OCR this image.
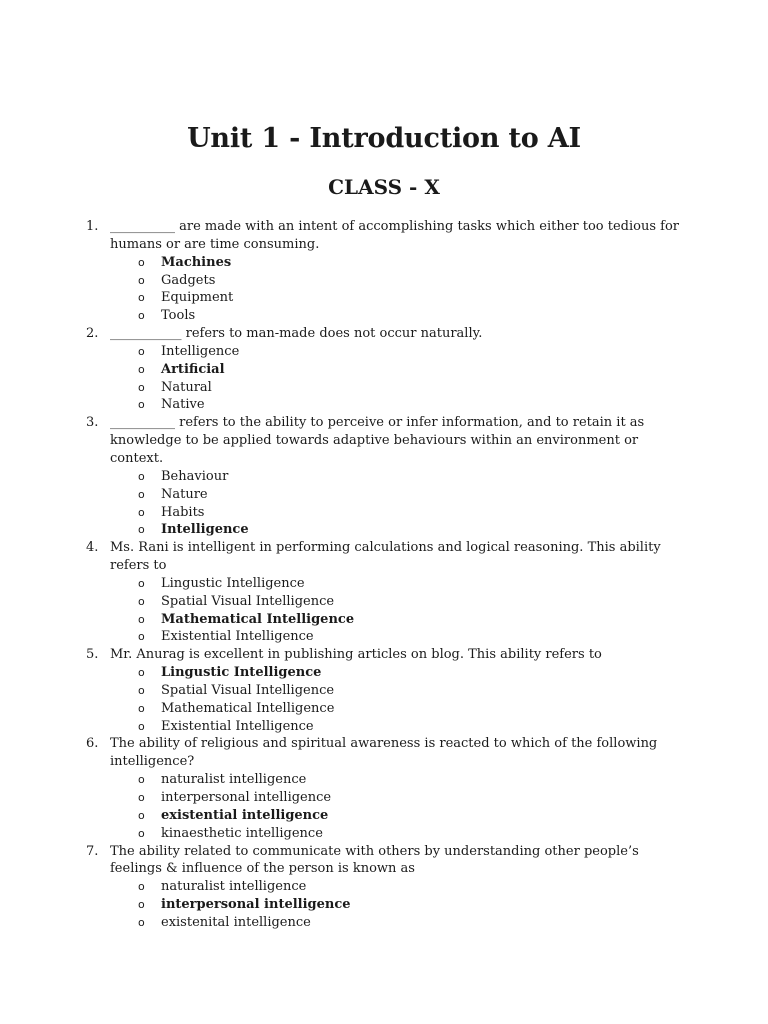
Unit 1 - Introduction to AI
CLASS - X
1. __________ are made with an intent of accomplishing tasks which either too tedious for humans or are time consuming.
o Machines
o Gadgets
o Equipment
o Tools
2. ___________ refers to man-made does not occur naturally.
o Intelligence
o Artificial
o Natural
o Native
3. __________ refers to the ability to perceive or infer information, and to retain it as knowledge to be applied towards adaptive behaviours within an environment or context.
o Behaviour
o Nature
o Habits
o Intelligence
4. Ms. Rani is intelligent in performing calculations and logical reasoning. This ability refers to
o Lingustic Intelligence
o Spatial Visual Intelligence
o Mathematical Intelligence
o Existential Intelligence
5. Mr. Anurag is excellent in publishing articles on blog. This ability refers to
o Lingustic Intelligence
o Spatial Visual Intelligence
o Mathematical Intelligence
o Existential Intelligence
6. The ability of religious and spiritual awareness is reacted to which of the following intelligence?
o naturalist intelligence
o interpersonal intelligence
o existential intelligence
o kinaesthetic intelligence
7. The ability related to communicate with others by understanding other people’s feelings & influence of the person is known as
o naturalist intelligence
o interpersonal intelligence
o existenital intelligence
